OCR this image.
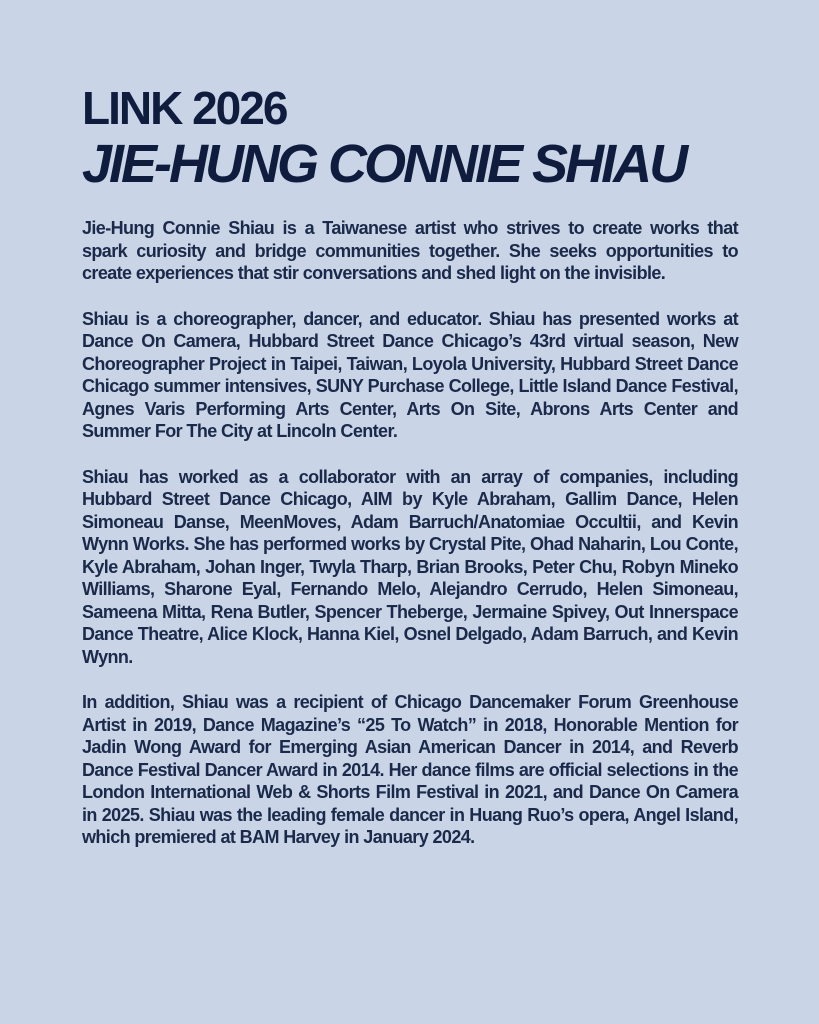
LINK 2026
JIE-HUNG CONNIE SHIAU

Jie-Hung Connie Shiau is a Taiwanese artist who strives to create works that spark curiosity and bridge communities together. She seeks opportunities to create experiences that stir conversations and shed light on the invisible.

Shiau is a choreographer, dancer, and educator. Shiau has presented works at Dance On Camera, Hubbard Street Dance Chicago’s 43rd virtual season, New Choreographer Project in Taipei, Taiwan, Loyola University, Hubbard Street Dance Chicago summer intensives, SUNY Purchase College, Little Island Dance Festival, Agnes Varis Performing Arts Center, Arts On Site, Abrons Arts Center and Summer For The City at Lincoln Center.

Shiau has worked as a collaborator with an array of companies, including Hubbard Street Dance Chicago, AIM by Kyle Abraham, Gallim Dance, Helen Simoneau Danse, MeenMoves, Adam Barruch/Anatomiae Occultii, and Kevin Wynn Works. She has performed works by Crystal Pite, Ohad Naharin, Lou Conte, Kyle Abraham, Johan Inger, Twyla Tharp, Brian Brooks, Peter Chu, Robyn Mineko Williams, Sharone Eyal, Fernando Melo, Alejandro Cerrudo, Helen Simoneau, Sameena Mitta, Rena Butler, Spencer Theberge, Jermaine Spivey, Out Innerspace Dance Theatre, Alice Klock, Hanna Kiel, Osnel Delgado, Adam Barruch, and Kevin Wynn.

In addition, Shiau was a recipient of Chicago Dancemaker Forum Greenhouse Artist in 2019, Dance Magazine’s “25 To Watch” in 2018, Honorable Mention for Jadin Wong Award for Emerging Asian American Dancer in 2014, and Reverb Dance Festival Dancer Award in 2014. Her dance films are official selections in the London International Web & Shorts Film Festival in 2021, and Dance On Camera in 2025. Shiau was the leading female dancer in Huang Ruo’s opera, Angel Island, which premiered at BAM Harvey in January 2024.
